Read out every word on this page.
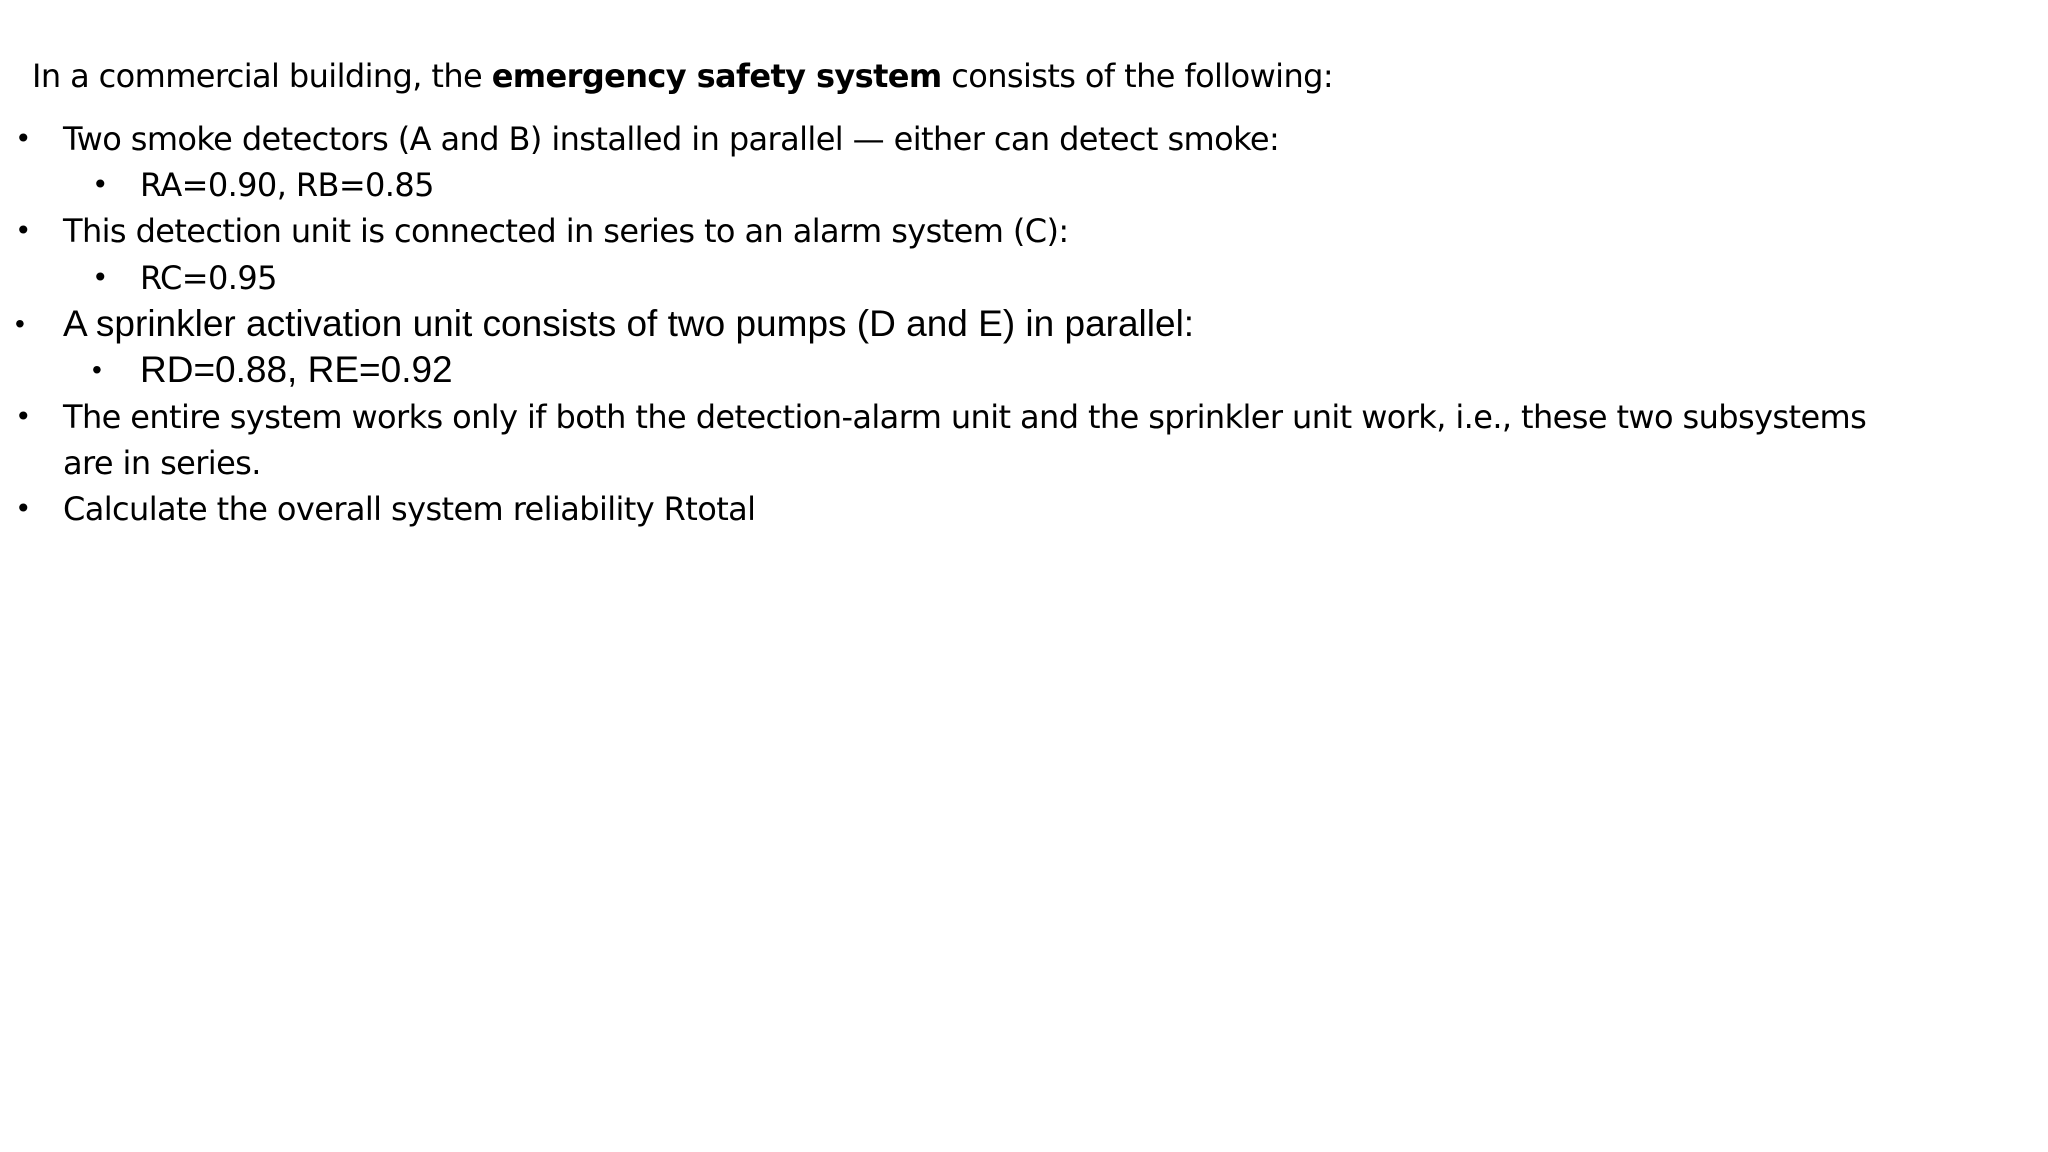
In a commercial building, the emergency safety system consists of the following:
• Two smoke detectors (A and B) installed in parallel — either can detect smoke:
• RA=0.90, RB=0.85
• This detection unit is connected in series to an alarm system (C):
• RC=0.95
• A sprinkler activation unit consists of two pumps (D and E) in parallel:
• RD=0.88, RE=0.92
• The entire system works only if both the detection-alarm unit and the sprinkler unit work, i.e., these two subsystems are in series.
• Calculate the overall system reliability Rtotal
